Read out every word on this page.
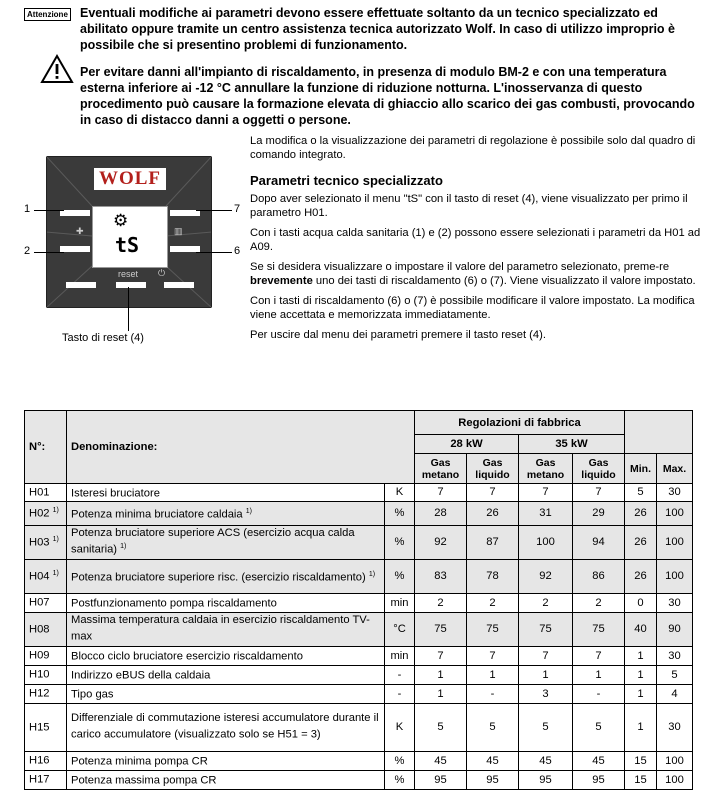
Attenzione Eventuali modifiche ai parametri devono essere effettuate soltanto da un tecnico specializzato ed abilitato oppure tramite un centro assistenza tecnica autorizzato Wolf. In caso di utilizzo improprio è possibile che si presentino problemi di funzionamento.
Per evitare danni all'impianto di riscaldamento, in presenza di modulo BM-2 e con una temperatura esterna inferiore ai -12 °C annullare la funzione di riduzione notturna. L'inosservanza di questo procedimento può causare la formazione elevata di ghiaccio allo scarico dei gas combusti, provocando in caso di distacco danni a oggetti o persone.
WOLF
⚙
tS
✚	▥
reset ⏻
1
2
7
6
Tasto di reset (4)

La modifica o la visualizzazione dei parametri di regolazione è possibile solo dal quadro di comando integrato.

Parametri tecnico specializzato

Dopo aver selezionato il menu "tS" con il tasto di reset (4), viene visualizzato per primo il parametro H01.

Con i tasti acqua calda sanitaria (1) e (2) possono essere selezionati i parametri da H01 ad A09.

Se si desidera visualizzare o impostare il valore del parametro selezionato, preme-re brevemente uno dei tasti di riscaldamento (6) o (7). Viene visualizzato il valore impostato.

Con i tasti di riscaldamento (6) o (7) è possibile modificare il valore impostato. La modifica viene accettata e memorizzata immediatamente.

Per uscire dal menu dei parametri premere il tasto reset (4).

N°:	Denominazione:		Regolazioni di fabbrica					
			28 kW		35 kW			
			Gas metano	Gas liquido	Gas metano	Gas liquido	Min.	Max.
H01	Isteresi bruciatore	K	7	7	7	7	5	30
H02 $^{1)}$	Potenza minima bruciatore caldaia $^{1)}$	%	28	26	31	29	26	100
H03 $^{1)}$	Potenza bruciatore superiore ACS (esercizio acqua calda sanitaria) $^{1)}$	%	92	87	100	94	26	100
H04 $^{1)}$	Potenza bruciatore superiore risc. (esercizio riscaldamento) $^{1)}$	%	83	78	92	86	26	100
H07	Postfunzionamento pompa riscaldamento	min	2	2	2	2	0	30
H08	Massima temperatura caldaia in esercizio riscaldamento TV-max	°C	75	75	75	75	40	90
H09	Blocco ciclo bruciatore esercizio riscaldamento	min	7	7	7	7	1	30
H10	Indirizzo eBUS della caldaia	-	1	1	1	1	1	5
H12	Tipo gas	-	1	-	3	-	1	4
H15	Differenziale di commutazione isteresi accumulatore durante il carico accumulatore (visualizzato solo se H51 = 3)	K	5	5	5	5	1	30
H16	Potenza minima pompa CR	%	45	45	45	45	15	100
H17	Potenza massima pompa CR	%	95	95	95	95	15	100
